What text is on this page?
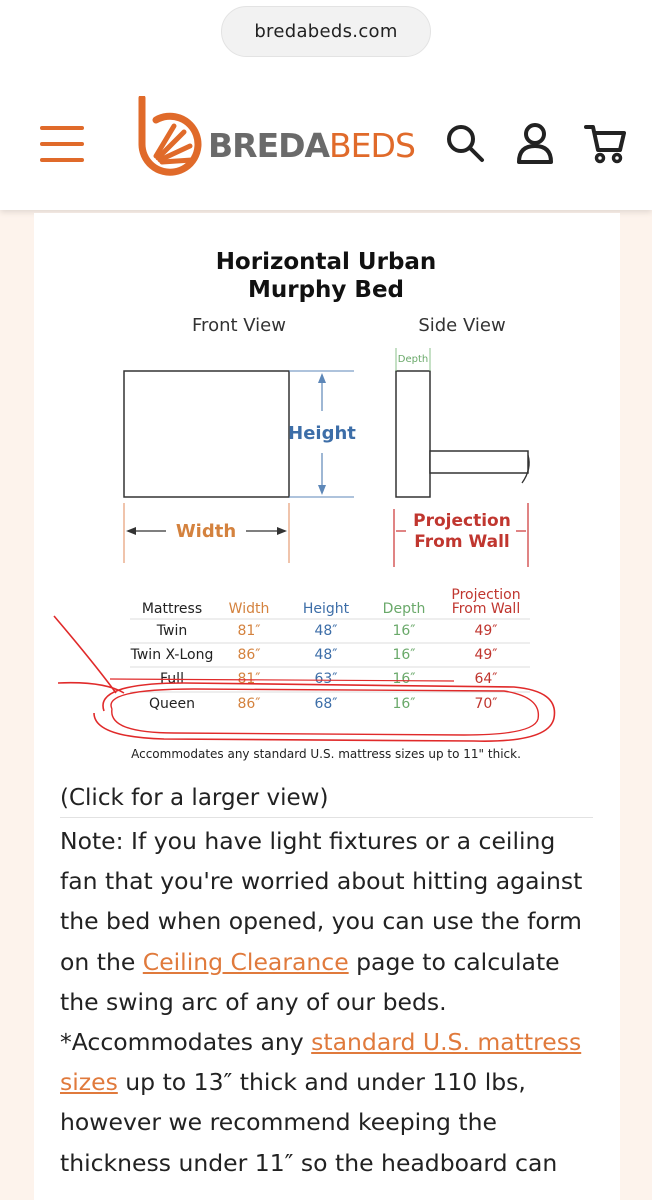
bredabeds.com
BREDABEDS
Horizontal Urban
Murphy Bed
Front View	Side View
Height
Width
Depth
Projection
From Wall
Mattress Width Height Depth
Projection
From Wall
Twin	81″	48″	16″	49″
Twin X-Long 86″	48″	16″	49″
Full	81″	63″	16″	64″
Queen	86″	68″	16″	70″
Accommodates any standard U.S. mattress sizes up to 11" thick.
(Click for a larger view)
Note: If you have light fixtures or a ceiling fan that you're worried about hitting against the bed when opened, you can use the form on the Ceiling Clearance page to calculate the swing arc of any of our beds.
*Accommodates any standard U.S. mattress sizes up to 13″ thick and under 110 lbs, however we recommend keeping the thickness under 11″ so the headboard can
